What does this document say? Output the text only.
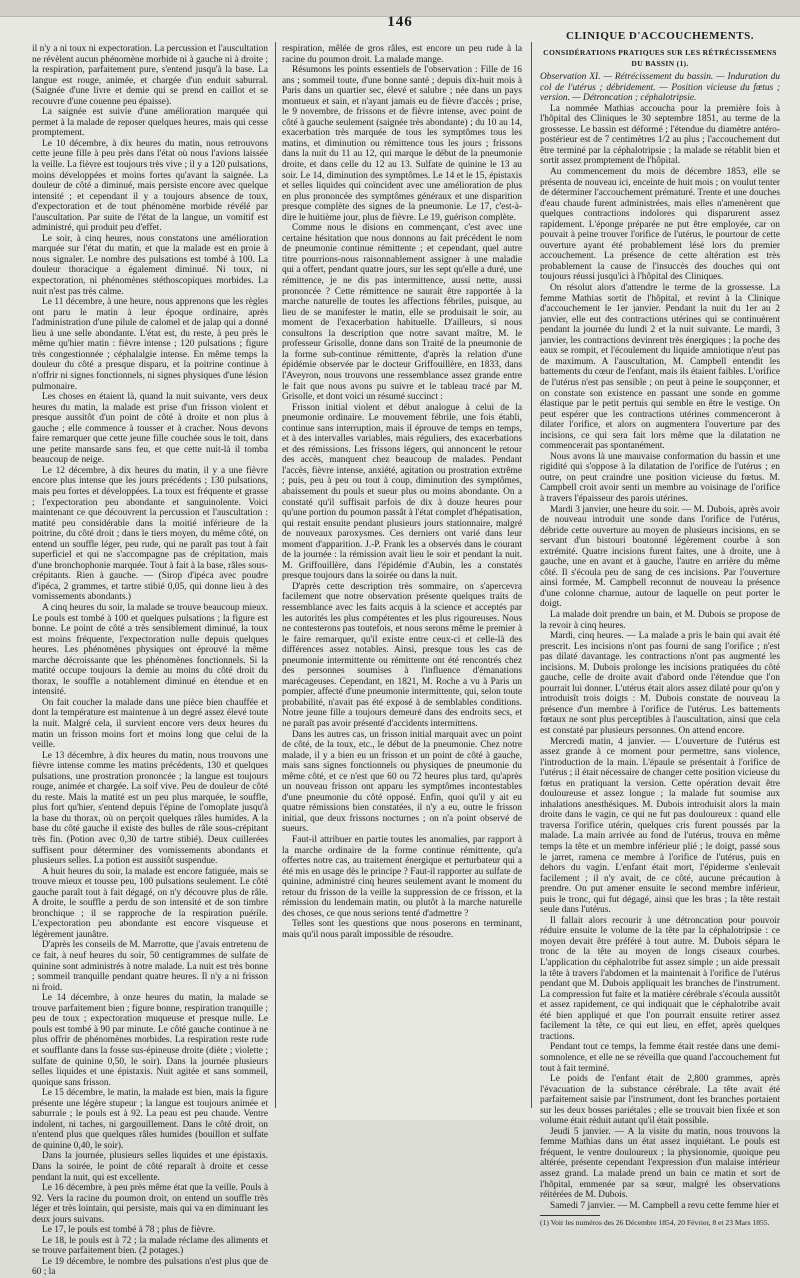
146
CLINIQUE D'ACCOUCHEMENTS.

il n'y a ni toux ni expectoration. La percussion et l'auscultation ne révèlent aucun phénomène morbide ni à gauche ni à droite ; la respiration, parfaitement pure, s'entend jusqu'à la base. La langue est rouge, animée, et chargée d'un enduit saburral. (Saignée d'une livre et demie qui se prend en caillot et se recouvre d'une couenne peu épaisse).

La saignée est suivie d'une amélioration marquée qui permet à la malade de reposer quelques heures, mais qui cesse promptement.

Le 10 décembre, à dix heures du matin, nous retrouvons cette jeune fille à peu près dans l'état où nous l'avions laissée la veille. La fièvre est toujours très vive ; il y a 120 pulsations, moins développées et moins fortes qu'avant la saignée. La douleur de côté a diminué, mais persiste encore avec quelque intensité ; et cependant il y a toujours absence de toux, d'expectoration et de tout phénomène morbide révélé par l'auscultation. Par suite de l'état de la langue, un vomitif est administré, qui produit peu d'effet.

Le soir, à cinq heures, nous constatons une amélioration marquée sur l'état du matin, et que la malade est en proie à nous signaler. Le nombre des pulsations est tombé à 100. La douleur thoracique a également diminué. Ni toux, ni expectoration, ni phénomènes stéthoscopiques morbides. La nuit n'est pas très calme.

Le 11 décembre, à une heure, nous apprenons que les règles ont paru le matin à leur époque ordinaire, après l'administration d'une pilule de calomel et de jalap qui a donné lieu à une selle abondante. L'état est, du reste, à peu près le même qu'hier matin : fièvre intense ; 120 pulsations ; figure très congestionnée ; céphalalgie intense. En même temps la douleur du côté a presque disparu, et la poitrine continue à n'offrir ni signes fonctionnels, ni signes physiques d'une lésion pulmonaire.

Les choses en étaient là, quand la nuit suivante, vers deux heures du matin, la malade est prise d'un frisson violent et presque aussitôt d'un point de côté à droite et non plus à gauche ; elle commence à tousser et à cracher. Nous devons faire remarquer que cette jeune fille couchée sous le toit, dans une petite mansarde sans feu, et que cette nuit-là il tomba beaucoup de neige.

Le 12 décembre, à dix heures du matin, il y a une fièvre encore plus intense que les jours précédents ; 130 pulsations, mais peu fortes et développées. La toux est fréquente et grasse ; l'expectoration peu abondante et sanguinolente. Voici maintenant ce que découvrent la percussion et l'auscultation : matité peu considérable dans la moitié inférieure de la poitrine, du côté droit ; dans le tiers moyen, du même côté, on entend un souffle léger, peu rude, qui ne paraît pas tout à fait superficiel et qui ne s'accompagne pas de crépitation, mais d'une bronchophonie marquée. Tout à fait à la base, râles sous-crépitants. Rien à gauche. — (Sirop d'ipéca avec poudre d'ipéca, 2 grammes, et tartre stibié 0,05, qui donne lieu à des vomissements abondants.)

A cinq heures du soir, la malade se trouve beaucoup mieux. Le pouls est tombé à 100 et quelques pulsations ; la figure est bonne. Le point de côté a très sensiblement diminué, la toux est moins fréquente, l'expectoration nulle depuis quelques heures. Les phénomènes physiques ont éprouvé la même marche décroissante que les phénomènes fonctionnels. Si la matité occupe toujours la demie au moins du côté droit du thorax, le souffle a notablement diminué en étendue et en intensité.

On fait coucher la malade dans une pièce bien chauffée et dont la température est maintenue à un degré assez élevé toute la nuit. Malgré cela, il survient encore vers deux heures du matin un frisson moins fort et moins long que celui de la veille.

Le 13 décembre, à dix heures du matin, nous trouvons une fièvre intense comme les matins précédents, 130 et quelques pulsations, une prostration prononcée ; la langue est toujours rouge, animée et chargée. La soif vive. Peu de douleur de côté du reste. Mais la matité est un peu plus marquée, le souffle, plus fort qu'hier, s'entend depuis l'épine de l'omoplate jusqu'à la base du thorax, où on perçoit quelques râles humides. A la base du côté gauche il existe des bulles de râle sous-crépitant très fin. (Potion avec 0,30 de tartre stibié). Deux cuillerées suffisent pour déterminer des vomissements abondants et plusieurs selles. La potion est aussitôt suspendue.

A huit heures du soir, la malade est encore fatiguée, mais se trouve mieux et tousse peu, 100 pulsations seulement. Le côté gauche paraît tout à fait dégagé, on n'y découvre plus de râle. A droite, le souffle a perdu de son intensité et de son timbre bronchique ; il se rapproche de la respiration puérile. L'expectoration peu abondante est encore visqueuse et légèrement jaunâtre.

D'après les conseils de M. Marrotte, que j'avais entretenu de ce fait, à neuf heures du soir, 50 centigrammes de sulfate de quinine sont administrés à notre malade. La nuit est très bonne ; sommeil tranquille pendant quatre heures. Il n'y a ni frisson ni froid.

Le 14 décembre, à onze heures du matin, la malade se trouve parfaitement bien ; figure bonne, respiration tranquille ; peu de toux ; expectoration muqueuse et presque nulle. Le pouls est tombé à 90 par minute. Le côté gauche continue à ne plus offrir de phénomènes morbides. La respiration reste rude et soufflante dans la fosse sus-épineuse droite (diète ; violette ; sulfate de quinine 0,50, le soir). Dans la journée plusieurs selles liquides et une épistaxis. Nuit agitée et sans sommeil, quoique sans frisson.

Le 15 décembre, le matin, la malade est bien, mais la figure présente une légère stupeur ; la langue est toujours animée et saburrale ; le pouls est à 92. La peau est peu chaude. Ventre indolent, ni taches, ni gargouillement. Dans le côté droit, on n'entend plus que quelques râles humides (bouillon et sulfate de quinine 0,40, le soir).

Dans la journée, plusieurs selles liquides et une épistaxis. Dans la soirée, le point de côté reparaît à droite et cesse pendant la nuit, qui est excellente.

Le 16 décembre, à peu près même état que la veille. Pouls à 92. Vers la racine du poumon droit, on entend un souffle très léger et très lointain, qui persiste, mais qui va en diminuant les deux jours suivans.

Le 17, le pouls est tombé à 78 ; plus de fièvre.

Le 18, le pouls est à 72 ; la malade réclame des aliments et se trouve parfaitement bien. (2 potages.)

Le 19 décembre, le nombre des pulsations n'est plus que de 60 ; la

respiration, mêlée de gros râles, est encore un peu rude à la racine du poumon droit. La malade mange.

Résumons les points essentiels de l'observation : Fille de 16 ans ; sommeil toute, d'une bonne santé ; depuis dix-huit mois à Paris dans un quartier sec, élevé et salubre ; née dans un pays montueux et sain, et n'ayant jamais eu de fièvre d'accès ; prise, le 9 novembre, de frissons et de fièvre intense, avec point de côté à gauche seulement (saignée très abondante) ; du 10 au 14, exacerbation très marquée de tous les symptômes tous les matins, et diminution ou rémittence tous les jours ; frissons dans la nuit du 11 au 12, qui marque le début de la pneumonie droite, et dans celle du 12 au 13. Sulfate de quinine le 13 au soir. Le 14, diminution des symptômes. Le 14 et le 15, épistaxis et selles liquides qui coïncident avec une amélioration de plus en plus prononcée des symptômes généraux et une disparition presque complète des signes de la pneumonie. Le 17, c'est-à-dire le huitième jour, plus de fièvre. Le 19, guérison complète.

Comme nous le disions en commençant, c'est avec une certaine hésitation que nous donnons au fait précédent le nom de pneumonie continue rémittente ; et cependant, quel autre titre pourrions-nous raisonnablement assigner à une maladie qui a offert, pendant quatre jours, sur les sept qu'elle a duré, une rémittence, je ne dis pas intermittence, aussi nette, aussi prononcée ? Cette rémittence ne saurait être rapportée à la marche naturelle de toutes les affections fébriles, puisque, au lieu de se manifester le matin, elle se produisait le soir, au moment de l'exacerbation habituelle. D'ailleurs, si nous consultons la description que notre savant maître, M. le professeur Grisolle, donne dans son Traité de la pneumonie de la forme sub-continue rémittente, d'après la relation d'une épidémie observée par le docteur Griffouillère, en 1833, dans l'Aveyron, nous trouvons une ressemblance assez grande entre le fait que nous avons pu suivre et le tableau tracé par M. Grisolle, et dont voici un résumé succinct :

Frisson initial violent et début analogue à celui de la pneumonie ordinaire. Le mouvement fébrile, une fois établi, continue sans interruption, mais il éprouve de temps en temps, et à des intervalles variables, mais réguliers, des exacerbations et des rémissions. Les frissons légers, qui annoncent le retour des accès, manquent chez beaucoup de malades. Pendant l'accès, fièvre intense, anxiété, agitation ou prostration extrême ; puis, peu à peu ou tout à coup, diminution des symptômes, abaissement du pouls et sueur plus ou moins abondante. On a constaté qu'il suffisait parfois de dix à douze heures pour qu'une portion du poumon passât à l'état complet d'hépatisation, qui restait ensuite pendant plusieurs jours stationnaire, malgré de nouveaux paroxysmes. Ces derniers ont varié dans leur moment d'apparition. J.-P. Frank les a observés dans le courant de la journée : la rémission avait lieu le soir et pendant la nuit. M. Griffouillère, dans l'épidémie d'Aubin, les a constatés presque toujours dans la soirée ou dans la nuit.

D'après cette description très sommaire, on s'apercevra facilement que notre observation présente quelques traits de ressemblance avec les faits acquis à la science et acceptés par les autorités les plus compétentes et les plus rigoureuses. Nous ne contesterons pas toutefois, et nous serons même le premier à le faire remarquer, qu'il existe entre ceux-ci et celle-là des différences assez notables. Ainsi, presque tous les cas de pneumonie intermittente ou rémittente ont été rencontrés chez des personnes soumises à l'influence d'émanations marécageuses. Cependant, en 1821, M. Roche a vu à Paris un pompier, affecté d'une pneumonie intermittente, qui, selon toute probabilité, n'avait pas été exposé à de semblables conditions. Notre jeune fille a toujours demeuré dans des endroits secs, et ne paraît pas avoir présenté d'accidents intermittens.

Dans les autres cas, un frisson initial marquait avec un point de côté, de la toux, etc., le début de la pneumonie. Chez notre malade, il y a bien eu un frisson et un point de côté à gauche, mais sans signes fonctionnels ou physiques de pneumonie du même côté, et ce n'est que 60 ou 72 heures plus tard, qu'après un nouveau frisson ont apparu les symptômes incontestables d'une pneumonie du côté opposé. Enfin, quoi qu'il y ait eu quatre rémissions bien constatées, il n'y a eu, outre le frisson initial, que deux frissons nocturnes ; on n'a point observé de sueurs.

Faut-il attribuer en partie toutes les anomalies, par rapport à la marche ordinaire de la forme continue rémittente, qu'a offertes notre cas, au traitement énergique et perturbateur qui a été mis en usage dès le principe ? Faut-il rapporter au sulfate de quinine, administré cinq heures seulement avant le moment du retour du frisson de la veille la suppression de ce frisson, et la rémission du lendemain matin, ou plutôt à la marche naturelle des choses, ce que nous serions tenté d'admettre ?

Telles sont les questions que nous poserons en terminant, mais qu'il nous paraît impossible de résoudre.

CONSIDÉRATIONS PRATIQUES SUR LES RÉTRÉCISSEMENS DU BASSIN (1).

Observation XI. — Rétrécissement du bassin. — Induration du col de l'utérus ; débridement. — Position vicieuse du fœtus ; version. — Détroncation ; céphalotripsie.

La nommée Mathias accoucha pour la première fois à l'hôpital des Cliniques le 30 septembre 1851, au terme de la grossesse. Le bassin est déformé ; l'étendue du diamètre antéro-postérieur est de 7 centimètres 1/2 au plus ; l'accouchement dut être terminé par la céphalotripsie ; la malade se rétablit bien et sortit assez promptement de l'hôpital.

Au commencement du mois de décembre 1853, elle se présenta de nouveau ici, enceinte de huit mois ; on voulut tenter de déterminer l'accouchement prématuré. Trente et une douches d'eau chaude furent administrées, mais elles n'amenèrent que quelques contractions indolores qui disparurent assez rapidement. L'éponge préparée ne put être employée, car on pouvait à peine trouver l'orifice de l'utérus, le pourtour de cette ouverture ayant été probablement lésé lors du premier accouchement. La présence de cette altération est très probablement la cause de l'insuccès des douches qui ont toujours réussi jusqu'ici à l'hôpital des Cliniques.

On résolut alors d'attendre le terme de la grossesse. La femme Mathias sortit de l'hôpital, et revint à la Clinique d'accouchement le 1er janvier. Pendant la nuit du 1er au 2 janvier, elle eut des contractions utérines qui se continuèrent pendant la journée du lundi 2 et la nuit suivante. Le mardi, 3 janvier, les contractions devinrent très énergiques ; la poche des eaux se rompit, et l'écoulement du liquide amniotique n'eut pas de maximum. A l'auscultation, M. Campbell entendit les battements du cœur de l'enfant, mais ils étaient faibles. L'orifice de l'utérus n'est pas sensible ; on peut à peine le soupçonner, et on constate son existence en passant une sonde en gomme élastique par le petit pertuis qui semble en être le vestige. On peut espérer que les contractions utérines commenceront à dilater l'orifice, et alors on augmentera l'ouverture par des incisions, ce qui sera fait lors même que la dilatation ne commencerait pas spontanément.

Nous avons là une mauvaise conformation du bassin et une rigidité qui s'oppose à la dilatation de l'orifice de l'utérus ; en outre, on peut craindre une position vicieuse du fœtus. M. Campbell croit avoir senti un membre au voisinage de l'orifice à travers l'épaisseur des parois utérines.

Mardi 3 janvier, une heure du soir. — M. Dubois, après avoir de nouveau introduit une sonde dans l'orifice de l'utérus, débride cette ouverture au moyen de plusieurs incisions, en se servant d'un bistouri boutonné légèrement courbe à son extrémité. Quatre incisions furent faites, une à droite, une à gauche, une en avant et à gauche, l'autre en arrière du même côté. Il s'écoula peu de sang de ces incisions. Par l'ouverture ainsi formée, M. Campbell reconnut de nouveau la présence d'une colonne charnue, autour de laquelle on peut porter le doigt.

La malade doit prendre un bain, et M. Dubois se propose de la revoir à cinq heures.

Mardi, cinq heures. — La malade a pris le bain qui avait été prescrit. Les incisions n'ont pas fourni de sang l'orifice ; n'est pas dilaté davantage. les contractions n'ont pas augmenté les incisions. M. Dubois prolonge les incisions pratiquées du côté gauche, celle de droite avait d'abord onde l'étendue que l'on pourrait lui donner. L'utérus était alors assez dilaté pour qu'on y introduisît trois doigts : M. Dubois constate de nouveau la présence d'un membre à l'orifice de l'utérus. Les battements fœtaux ne sont plus perceptibles à l'auscultation, ainsi que cela est constaté par plusieurs personnes. On attend encore.

Mercredi matin, 4 janvier. — L'ouverture de l'utérus est assez grande à ce moment pour permettre, sans violence, l'introduction de la main. L'épaule se présentait à l'orifice de l'utérus ; il était nécessaire de changer cette position vicieuse du fœtus en pratiquant la version. Cette opération devait être douloureuse et assez longue ; la malade fut soumise aux inhalations anesthésiques. M. Dubois introduisit alors la main droite dans le vagin, ce qui ne fut pas douloureux : quand elle traversa l'orifice utérin, quelques cris furent poussés par la malade. La main arrivée au fond de l'utérus, trouva en même temps la tête et un membre inférieur plié ; le doigt, passé sous le jarret, ramena ce membre à l'orifice de l'utérus, puis en dehors du vagin. L'enfant était mort, l'épiderme s'enlevait facilement ; il n'y avait, de ce côté, aucune précaution à prendre. On put amener ensuite le second membre inférieur, puis le tronc, qui fut dégagé, ainsi que les bras ; la tête restait seule dans l'utérus.

Il fallait alors recourir à une détroncation pour pouvoir réduire ensuite le volume de la tête par la céphalotripsie : ce moyen devait être préféré à tout autre. M. Dubois sépara le tronc de la tête au moyen de longs ciseaux courbes. L'application du céphalotribe fut assez simple ; un aide pressait la tête à travers l'abdomen et la maintenait à l'orifice de l'utérus pendant que M. Dubois appliquait les branches de l'instrument. La compression fut faite et la matière cérébrale s'écoula aussitôt et assez rapidement, ce qui indiquait que le céphalotribe avait été bien appliqué et que l'on pourrait ensuite retirer assez facilement la tête, ce qui eut lieu, en effet, après quelques tractions.

Pendant tout ce temps, la femme était restée dans une demi-somnolence, et elle ne se réveilla que quand l'accouchement fut tout à fait terminé.

Le poids de l'enfant était de 2,800 grammes, après l'évacuation de la substance cérébrale. La tête avait été parfaitement saisie par l'instrument, dont les branches portaient sur les deux bosses pariétales ; elle se trouvait bien fixée et son volume était réduit autant qu'il était possible.

Jeudi 5 janvier. — A la visite du matin, nous trouvons la femme Mathias dans un état assez inquiétant. Le pouls est fréquent, le ventre douloureux ; la physionomie, quoique peu altérée, présente cependant l'expression d'un malaise intérieur assez grand. La malade prend un bain ce matin et sort de l'hôpital, emmenée par sa sœur, malgré les observations réitérées de M. Dubois.

Samedi 7 janvier. — M. Campbell a revu cette femme hier et

(1) Voir les numéros des 26 Décembre 1854, 20 Février, 8 et 23 Mars 1855.
